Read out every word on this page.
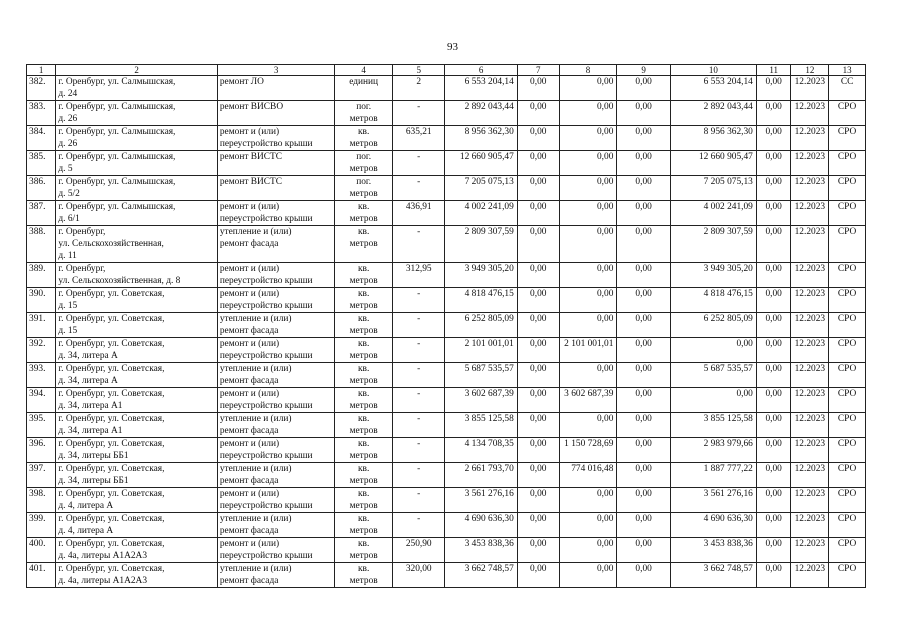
93
1	2	3	4	5	6	7	8	9	10	11	12	13
382.	г. Оренбург, ул. Салмышская,
д. 24	ремонт ЛО	единиц	2	6 553 204,14	0,00	0,00	0,00	6 553 204,14	0,00	12.2023	СС
383.	г. Оренбург, ул. Салмышская,
д. 26	ремонт ВИСВО	пог.
метров	-	2 892 043,44	0,00	0,00	0,00	2 892 043,44	0,00	12.2023	СРО
384.	г. Оренбург, ул. Салмышская,
д. 26	ремонт и (или)
переустройство крыши	кв.
метров	635,21	8 956 362,30	0,00	0,00	0,00	8 956 362,30	0,00	12.2023	СРО
385.	г. Оренбург, ул. Салмышская,
д. 5	ремонт ВИСТС	пог.
метров	-	12 660 905,47	0,00	0,00	0,00	12 660 905,47	0,00	12.2023	СРО
386.	г. Оренбург, ул. Салмышская,
д. 5/2	ремонт ВИСТС	пог.
метров	-	7 205 075,13	0,00	0,00	0,00	7 205 075,13	0,00	12.2023	СРО
387.	г. Оренбург, ул. Салмышская,
д. 6/1	ремонт и (или)
переустройство крыши	кв.
метров	436,91	4 002 241,09	0,00	0,00	0,00	4 002 241,09	0,00	12.2023	СРО
388.	г. Оренбург,
ул. Сельскохозяйственная,
д. 11	утепление и (или)
ремонт фасада	кв.
метров	-	2 809 307,59	0,00	0,00	0,00	2 809 307,59	0,00	12.2023	СРО
389.	г. Оренбург,
ул. Сельскохозяйственная, д. 8	ремонт и (или)
переустройство крыши	кв.
метров	312,95	3 949 305,20	0,00	0,00	0,00	3 949 305,20	0,00	12.2023	СРО
390.	г. Оренбург, ул. Советская,
д. 15	ремонт и (или)
переустройство крыши	кв.
метров	-	4 818 476,15	0,00	0,00	0,00	4 818 476,15	0,00	12.2023	СРО
391.	г. Оренбург, ул. Советская,
д. 15	утепление и (или)
ремонт фасада	кв.
метров	-	6 252 805,09	0,00	0,00	0,00	6 252 805,09	0,00	12.2023	СРО
392.	г. Оренбург, ул. Советская,
д. 34, литера А	ремонт и (или)
переустройство крыши	кв.
метров	-	2 101 001,01	0,00	2 101 001,01	0,00	0,00	0,00	12.2023	СРО
393.	г. Оренбург, ул. Советская,
д. 34, литера А	утепление и (или)
ремонт фасада	кв.
метров	-	5 687 535,57	0,00	0,00	0,00	5 687 535,57	0,00	12.2023	СРО
394.	г. Оренбург, ул. Советская,
д. 34, литера А1	ремонт и (или)
переустройство крыши	кв.
метров	-	3 602 687,39	0,00	3 602 687,39	0,00	0,00	0,00	12.2023	СРО
395.	г. Оренбург, ул. Советская,
д. 34, литера А1	утепление и (или)
ремонт фасада	кв.
метров	-	3 855 125,58	0,00	0,00	0,00	3 855 125,58	0,00	12.2023	СРО
396.	г. Оренбург, ул. Советская,
д. 34, литеры ББ1	ремонт и (или)
переустройство крыши	кв.
метров	-	4 134 708,35	0,00	1 150 728,69	0,00	2 983 979,66	0,00	12.2023	СРО
397.	г. Оренбург, ул. Советская,
д. 34, литеры ББ1	утепление и (или)
ремонт фасада	кв.
метров	-	2 661 793,70	0,00	774 016,48	0,00	1 887 777,22	0,00	12.2023	СРО
398.	г. Оренбург, ул. Советская,
д. 4, литера А	ремонт и (или)
переустройство крыши	кв.
метров	-	3 561 276,16	0,00	0,00	0,00	3 561 276,16	0,00	12.2023	СРО
399.	г. Оренбург, ул. Советская,
д. 4, литера А	утепление и (или)
ремонт фасада	кв.
метров	-	4 690 636,30	0,00	0,00	0,00	4 690 636,30	0,00	12.2023	СРО
400.	г. Оренбург, ул. Советская,
д. 4а, литеры А1А2А3	ремонт и (или)
переустройство крыши	кв.
метров	250,90	3 453 838,36	0,00	0,00	0,00	3 453 838,36	0,00	12.2023	СРО
401.	г. Оренбург, ул. Советская,
д. 4а, литеры А1А2А3	утепление и (или)
ремонт фасада	кв.
метров	320,00	3 662 748,57	0,00	0,00	0,00	3 662 748,57	0,00	12.2023	СРО
